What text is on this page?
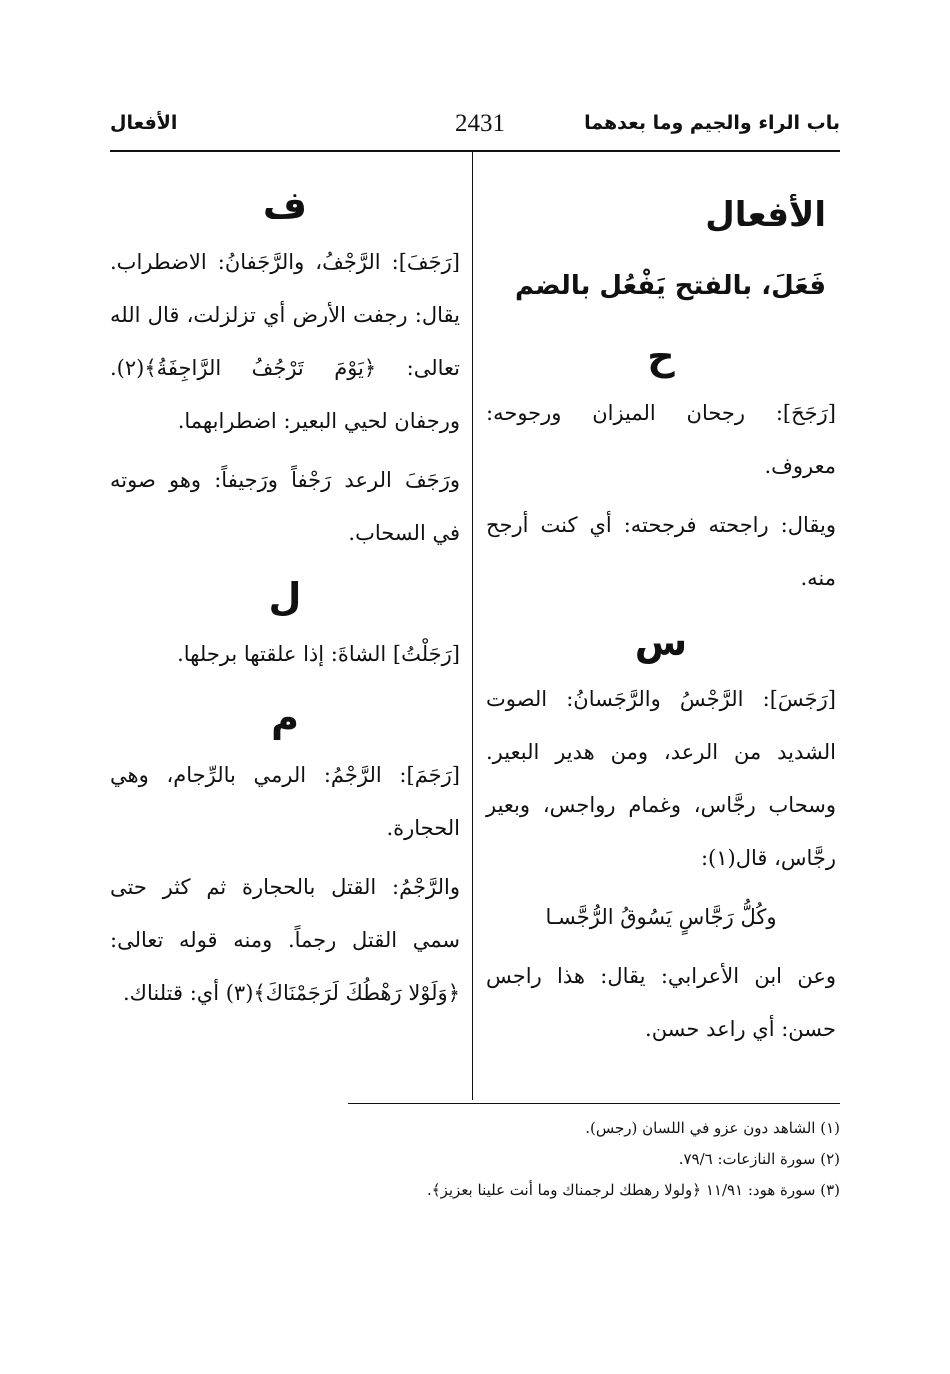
باب الراء والجيم وما بعدهما
2431
الأفعال
الأفعال
فَعَلَ، بالفتح يَفْعُل بالضم
ح

[رَجَحَ]: رجحان الميزان ورجوحه: معروف.

ويقال: راجحته فرجحته: أي كنت أرجح منه.

س

[رَجَسَ]: الرَّجْسُ والرَّجَسانُ: الصوت الشديد من الرعد، ومن هدير البعير. وسحاب رجَّاس، وغمام رواجس، وبعير رجَّاس، قال(١):

وكُلُّ رَجَّاسٍ يَسُوقُ الرُّجَّسـا

وعن ابن الأعرابي: يقال: هذا راجس حسن: أي راعد حسن.

ف

[رَجَفَ]: الرَّجْفُ، والرَّجَفانُ: الاضطراب. يقال: رجفت الأرض أي تزلزلت، قال الله تعالى: ﴿يَوْمَ تَرْجُفُ الرَّاجِفَةُ﴾(٢). ورجفان لحيي البعير: اضطرابهما.

ورَجَفَ الرعد رَجْفاً ورَجيفاً: وهو صوته في السحاب.

ل

[رَجَلْتُ] الشاةَ: إذا علقتها برجلها.

م

[رَجَمَ]: الرَّجْمُ: الرمي بالرِّجام، وهي الحجارة.

والرَّجْمُ: القتل بالحجارة ثم كثر حتى سمي القتل رجماً. ومنه قوله تعالى: ﴿وَلَوْلا رَهْطُكَ لَرَجَمْنَاكَ﴾(٣) أي: قتلناك.

(١) الشاهد دون عزو في اللسان (رجس).
(٢) سورة النازعات: ٧٩/٦.
(٣) سورة هود: ١١/٩١ ﴿ولولا رهطك لرجمناك وما أنت علينا بعزيز﴾.
